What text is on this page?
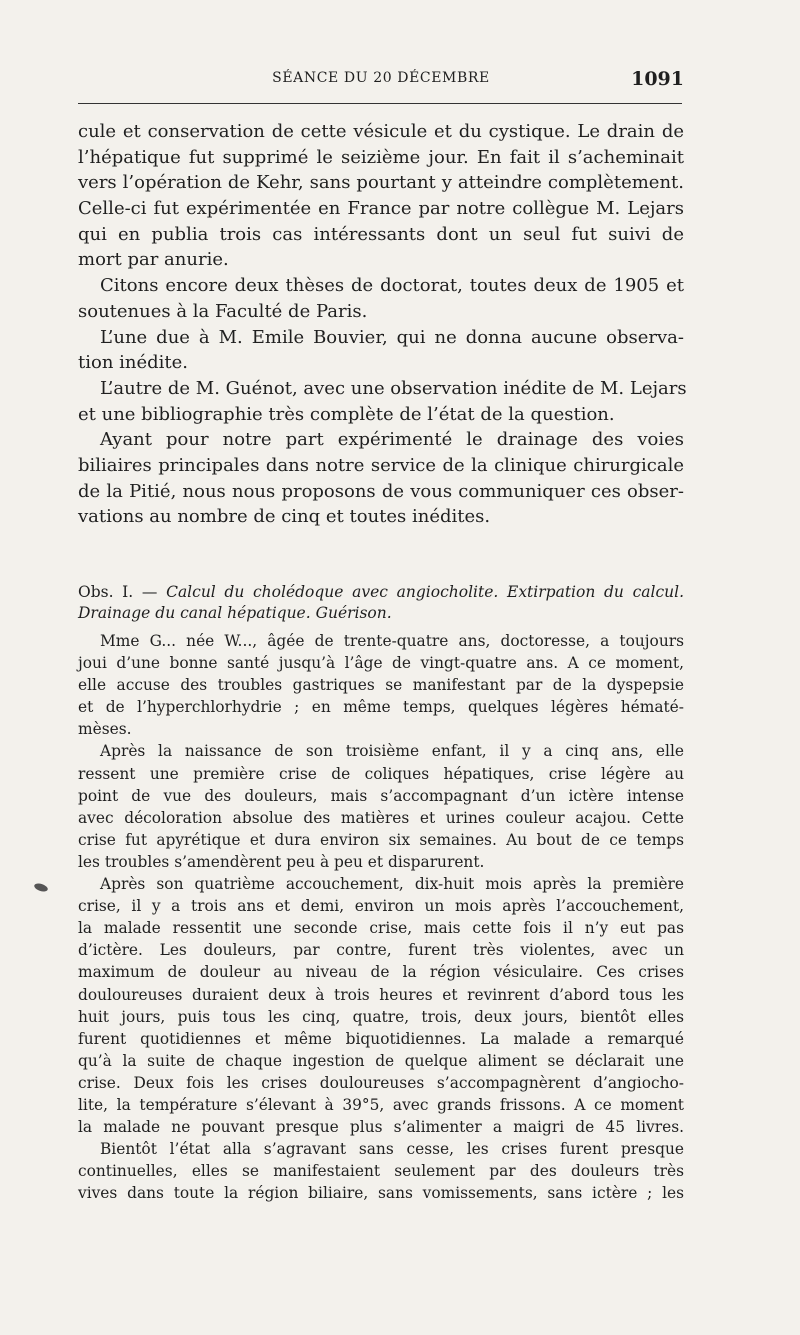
SÉANCE DU 20 DÉCEMBRE	1091
cule et conservation de cette vésicule et du cystique. Le drain de
l’hépatique fut supprimé le seizième jour. En fait il s’acheminait
vers l’opération de Kehr, sans pourtant y atteindre complètement.
Celle-ci fut expérimentée en France par notre collègue M. Lejars
qui en publia trois cas intéressants dont un seul fut suivi de
mort par anurie.
Citons encore deux thèses de doctorat, toutes deux de 1905 et
soutenues à la Faculté de Paris.
L’une due à M. Emile Bouvier, qui ne donna aucune observa-
tion inédite.
L’autre de M. Guénot, avec une observation inédite de M. Lejars
et une bibliographie très complète de l’état de la question.
Ayant pour notre part expérimenté le drainage des voies
biliaires principales dans notre service de la clinique chirurgicale
de la Pitié, nous nous proposons de vous communiquer ces obser-
vations au nombre de cinq et toutes inédites.
Obs. I. — Calcul du cholédoque avec angiocholite. Extirpation du calcul.
Drainage du canal hépatique. Guérison.
Mme G... née W..., âgée de trente-quatre ans, doctoresse, a toujours
joui d’une bonne santé jusqu’à l’âge de vingt-quatre ans. A ce moment,
elle accuse des troubles gastriques se manifestant par de la dyspepsie
et de l’hyperchlorhydrie ; en même temps, quelques légères hématé-
mèses.
Après la naissance de son troisième enfant, il y a cinq ans, elle
ressent une première crise de coliques hépatiques, crise légère au
point de vue des douleurs, mais s’accompagnant d’un ictère intense
avec décoloration absolue des matières et urines couleur acajou. Cette
crise fut apyrétique et dura environ six semaines. Au bout de ce temps
les troubles s’amendèrent peu à peu et disparurent.
Après son quatrième accouchement, dix-huit mois après la première
crise, il y a trois ans et demi, environ un mois après l’accouchement,
la malade ressentit une seconde crise, mais cette fois il n’y eut pas
d’ictère. Les douleurs, par contre, furent très violentes, avec un
maximum de douleur au niveau de la région vésiculaire. Ces crises
douloureuses duraient deux à trois heures et revinrent d’abord tous les
huit jours, puis tous les cinq, quatre, trois, deux jours, bientôt elles
furent quotidiennes et même biquotidiennes. La malade a remarqué
qu’à la suite de chaque ingestion de quelque aliment se déclarait une
crise. Deux fois les crises douloureuses s’accompagnèrent d’angiocho-
lite, la température s’élevant à 39°5, avec grands frissons. A ce moment
la malade ne pouvant presque plus s’alimenter a maigri de 45 livres.
Bientôt l’état alla s’agravant sans cesse, les crises furent presque
continuelles, elles se manifestaient seulement par des douleurs très
vives dans toute la région biliaire, sans vomissements, sans ictère ; les
